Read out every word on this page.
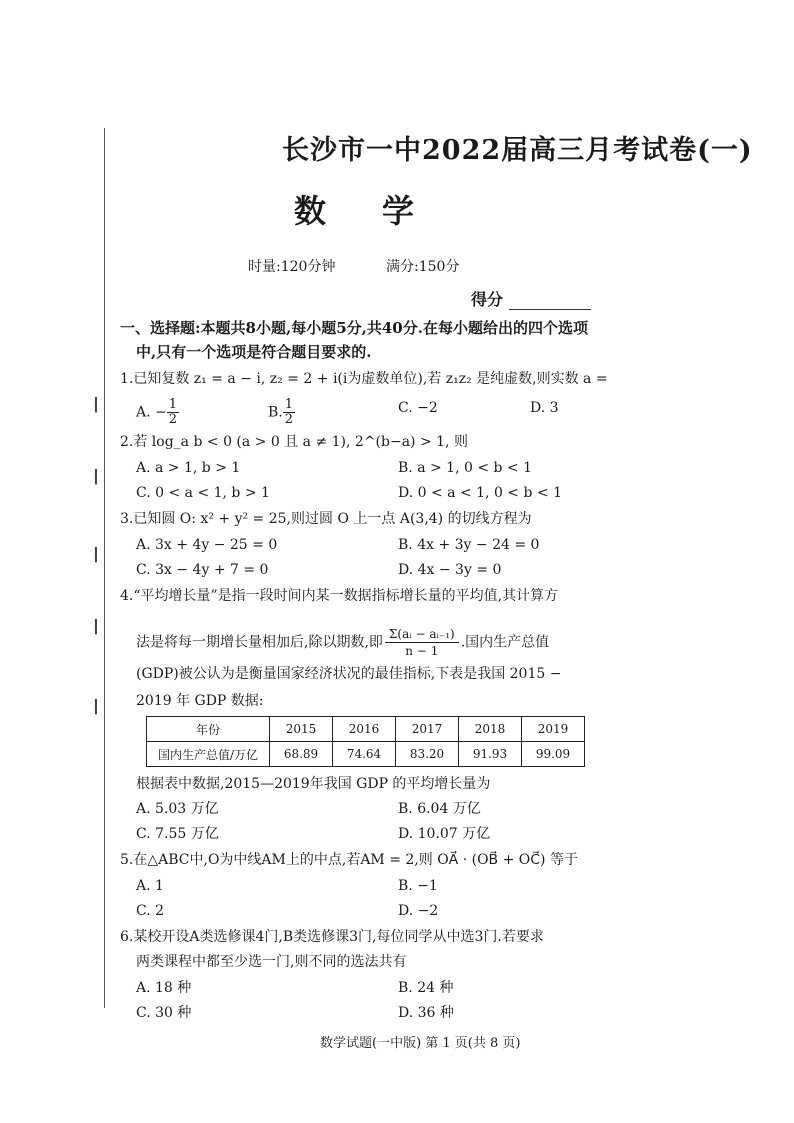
┃
┃
┃
┃
┃
长沙市一中2022届高三月考试卷(一)
数学
时量:120分钟	满分:150分
得分
一、选择题:本题共8小题,每小题5分,共40分.在每小题给出的四个选项
中,只有一个选项是符合题目要求的.
1.已知复数 z₁ = a − i, z₂ = 2 + i(i为虚数单位),若 z₁z₂ 是纯虚数,则实数 a =
A. − $\frac{1}{2}$	B. $\frac{1}{2}$	C. −2	D. 3
2.若 log_a b < 0 (a > 0 且 a ≠ 1), 2^(b−a) > 1, 则
A. a > 1, b > 1	B. a > 1, 0 < b < 1
C. 0 < a < 1, b > 1	D. 0 < a < 1, 0 < b < 1
3.已知圆 O: x² + y² = 25,则过圆 O 上一点 A(3,4) 的切线方程为
A. 3x + 4y − 25 = 0	B. 4x + 3y − 24 = 0
C. 3x − 4y + 7 = 0	D. 4x − 3y = 0
4.“平均增长量”是指一段时间内某一数据指标增长量的平均值,其计算方
法是将每一期增长量相加后,除以期数,即 $\frac{\text{Σ(aᵢ − aᵢ₋₁)}}{n - 1}$ .国内生产总值
(GDP)被公认为是衡量国家经济状况的最佳指标,下表是我国 2015 −
2019 年 GDP 数据:
年份	2015	2016	2017	2018	2019
国内生产总值/万亿	68.89	74.64	83.20	91.93	99.09
根据表中数据,2015—2019年我国 GDP 的平均增长量为
A. 5.03 万亿	B. 6.04 万亿
C. 7.55 万亿	D. 10.07 万亿
5.在△ABC中,O为中线AM上的中点,若AM = 2,则 OA⃗ · (OB⃗ + OC⃗) 等于
A. 1	B. −1
C. 2	D. −2
6.某校开设A类选修课4门,B类选修课3门,每位同学从中选3门.若要求
两类课程中都至少选一门,则不同的选法共有
A. 18 种	B. 24 种
C. 30 种	D. 36 种
数学试题(一中版) 第 1 页(共 8 页)
